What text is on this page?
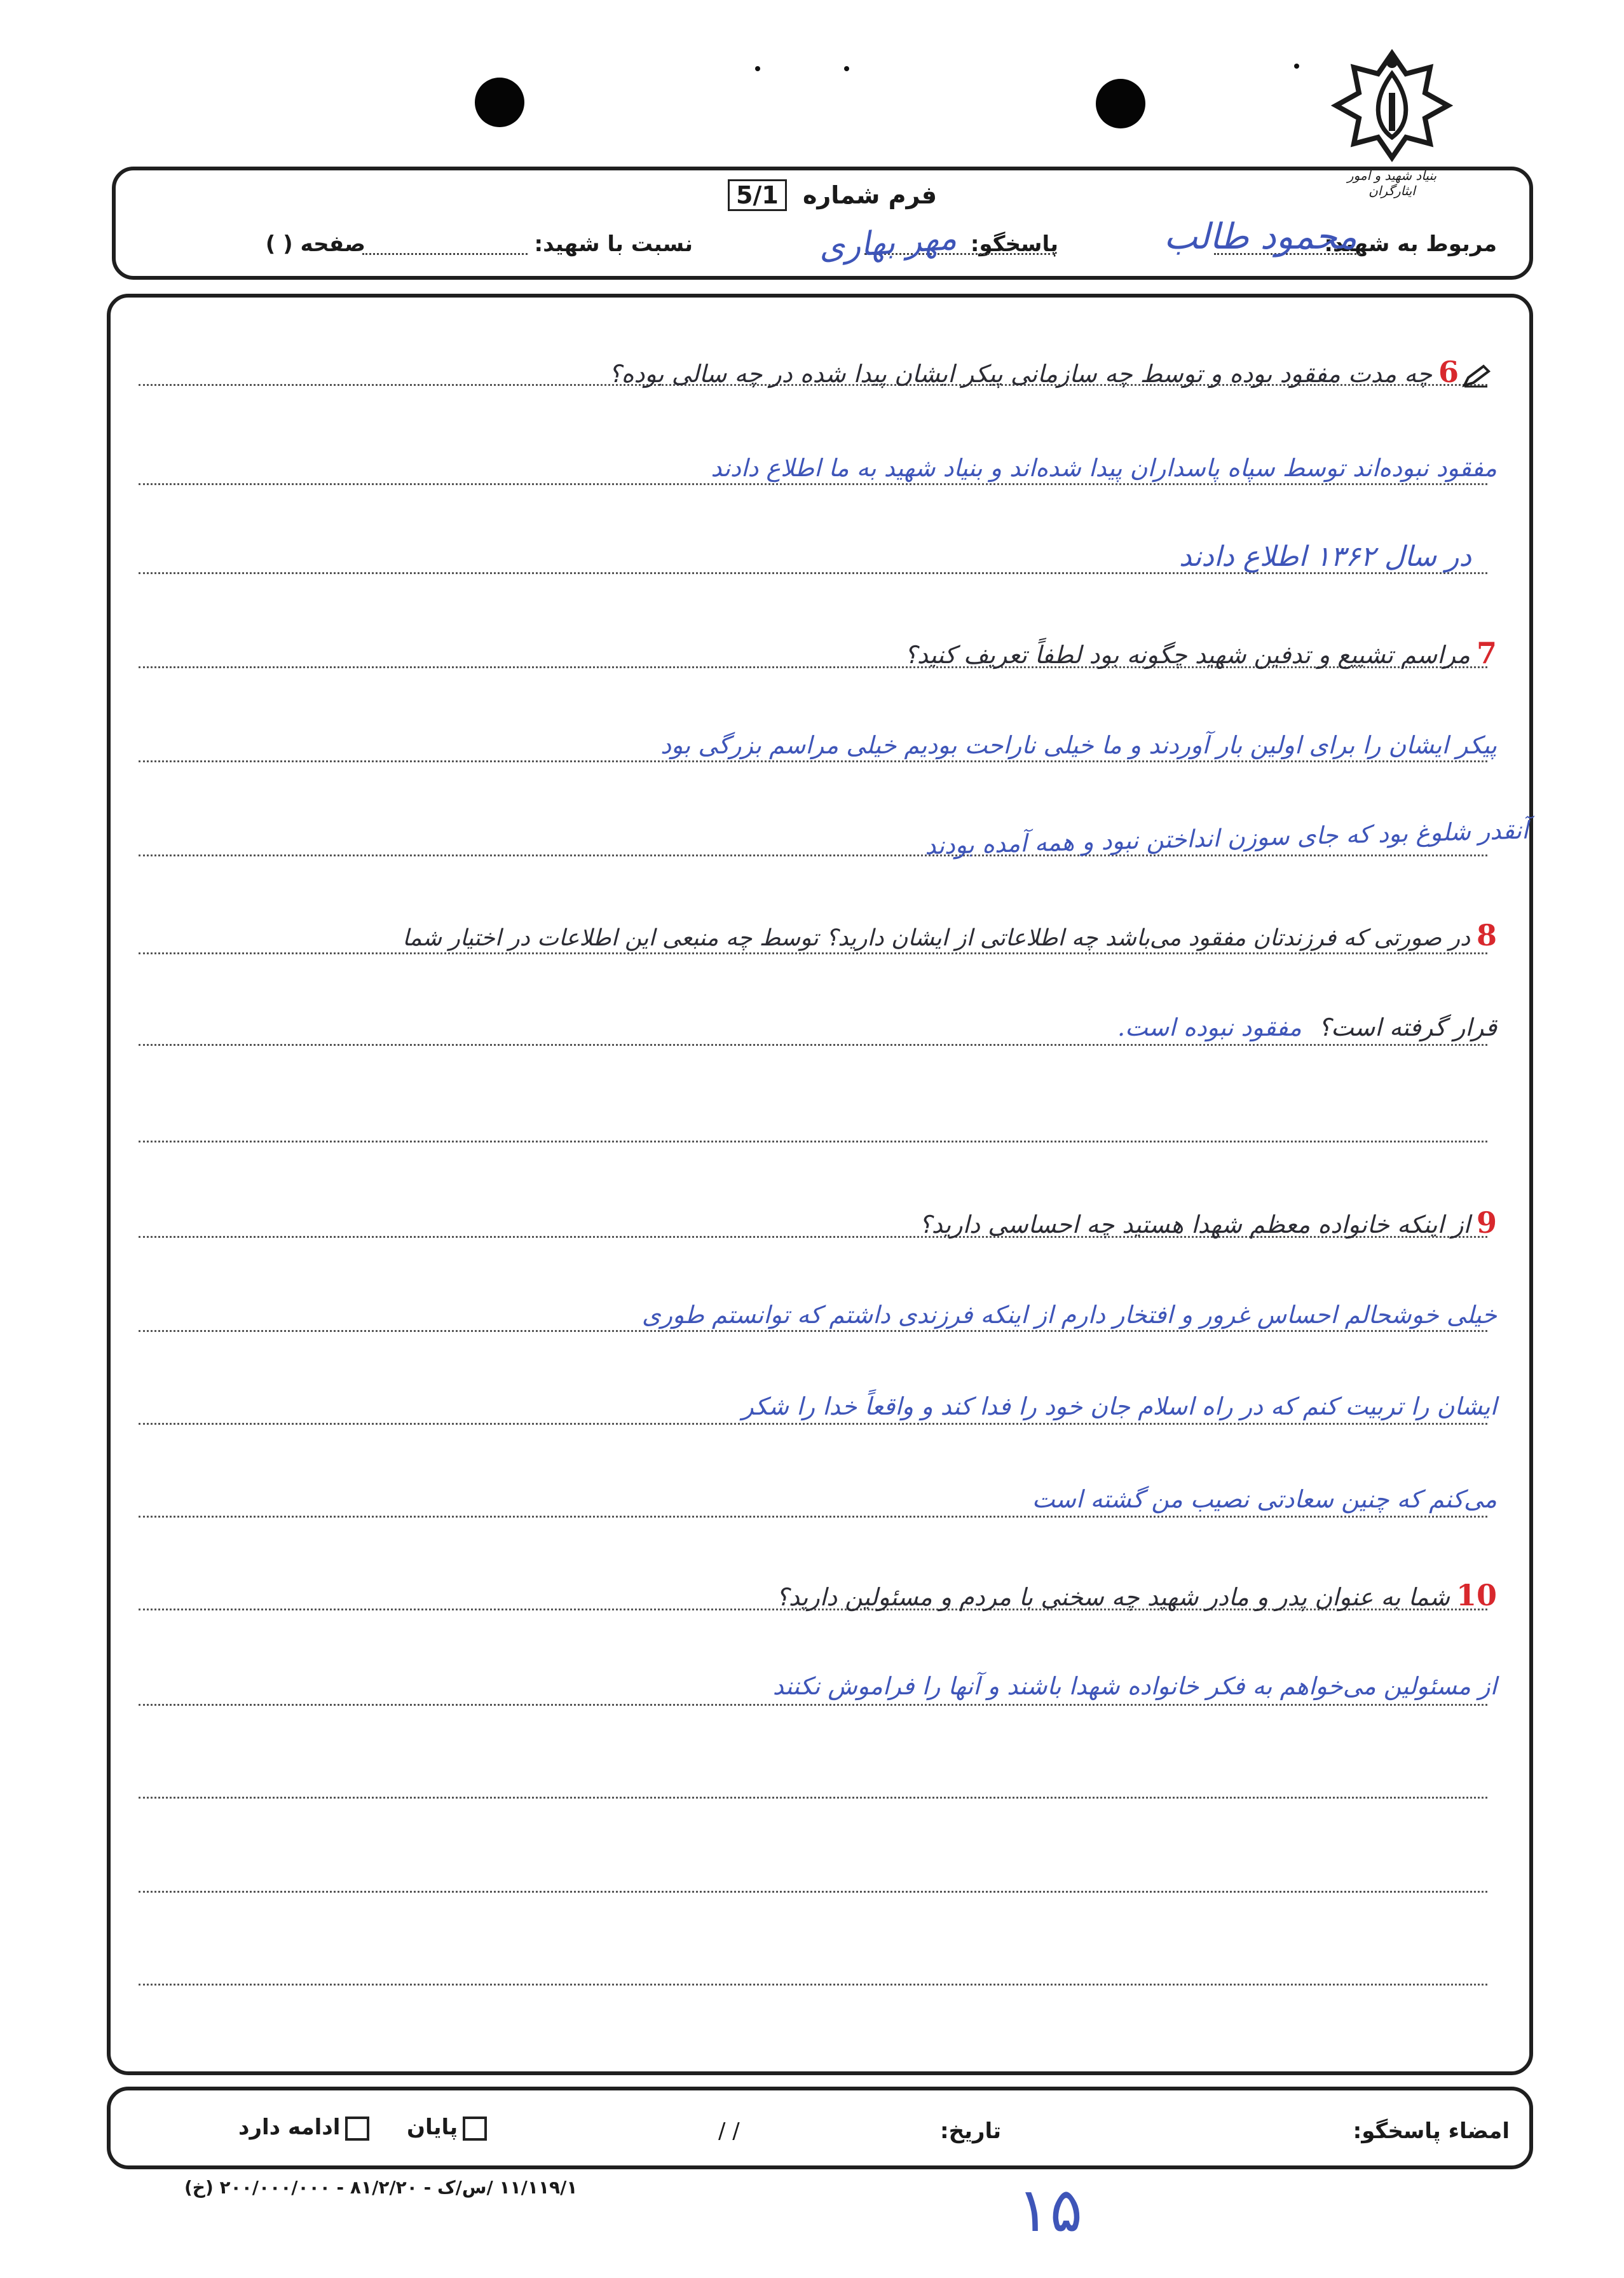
بنیاد شهید و امور ایثارگران
فرم شماره 5/1
مربوط به شهید:
محمود طالب
پاسخگو:
مهر بهاری
نسبت با شهید:
صفحه ( )
6چه مدت مفقود بوده و توسط چه سازمانی پیکر ایشان پیدا شده در چه سالی بوده؟
مفقود نبوده‌اند توسط سپاه پاسداران پیدا شده‌اند و بنیاد شهید به ما اطلاع دادند
در سال ۱۳۶۲ اطلاع دادند
7مراسم تشییع و تدفین شهید چگونه بود لطفاً تعریف کنید؟
پیکر ایشان را برای اولین بار آوردند و ما خیلی ناراحت بودیم خیلی مراسم بزرگی بود
آنقدر شلوغ بود که جای سوزن انداختن نبود و همه آمده بودند
8در صورتی که فرزندتان مفقود می‌باشد چه اطلاعاتی از ایشان دارید؟ توسط چه منبعی این اطلاعات در اختیار شما
قرار گرفته است؟ مفقود نبوده است.
9از اینکه خانواده معظم شهدا هستید چه احساسی دارید؟
خیلی خوشحالم احساس غرور و افتخار دارم از اینکه فرزندی داشتم که توانستم طوری
ایشان را تربیت کنم که در راه اسلام جان خود را فدا کند و واقعاً خدا را شکر
می‌کنم که چنین سعادتی نصیب من گشته است
10شما به عنوان پدر و مادر شهید چه سخنی با مردم و مسئولین دارید؟
از مسئولین می‌خواهم به فکر خانواده شهدا باشند و آنها را فراموش نکنند
امضاء پاسخگو:
تاریخ:
/ /
پایان
ادامه دارد
۱۱/۱۱۹/۱ /س/ک - ۸۱/۲/۲۰ - ۲۰۰/۰۰۰/۰۰۰ (خ)	۱۵
